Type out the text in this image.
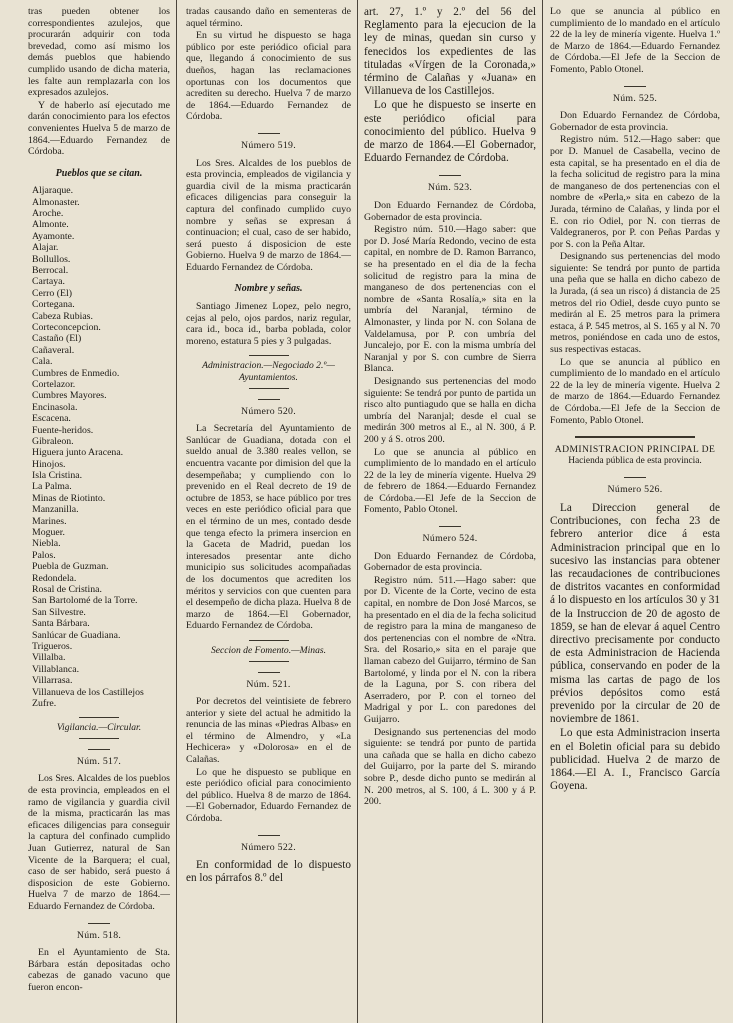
tras pueden obtener los correspondientes azulejos, que procurarán adquirir con toda brevedad, como así mismo los demás pueblos que habiendo cumplido usando de dicha materia, les falte aun remplazarla con los expresados azulejos.

Y de haberlo así ejecutado me darán conocimiento para los efectos convenientes Huelva 5 de marzo de 1864.—Eduardo Fernandez de Córdoba.

Pueblos que se citan.
Aljaraque.
Almonaster.
Aroche.
Almonte.
Ayamonte.
Alajar.
Bollullos.
Berrocal.
Cartaya.
Cerro (El)
Cortegana.
Cabeza Rubias.
Corteconcepcion.
Castaño (El)
Cañaveral.
Cala.
Cumbres de Enmedio.
Cortelazor.
Cumbres Mayores.
Encinasola.
Escacena.
Fuente-heridos.
Gibraleon.
Higuera junto Aracena.
Hinojos.
Isla Cristina.
La Palma.
Minas de Riotinto.
Manzanilla.
Marines.
Moguer.
Niebla.
Palos.
Puebla de Guzman.
Redondela.
Rosal de Cristina.
San Bartolomé de la Torre.
San Silvestre.
Santa Bárbara.
Sanlúcar de Guadiana.
Trigueros.
Villalba.
Villablanca.
Villarrasa.
Villanueva de los Castillejos
Zufre.
Vigilancia.—Circular.
Núm. 517.

Los Sres. Alcaldes de los pueblos de esta provincia, empleados en el ramo de vigilancia y guardia civil de la misma, practicarán las mas eficaces diligencias para conseguir la captura del confinado cumplido Juan Gutierrez, natural de San Vicente de la Barquera; el cual, caso de ser habido, será puesto á disposicion de este Gobierno. Huelva 7 de marzo de 1864.—Eduardo Fernandez de Córdoba.

Núm. 518.

En el Ayuntamiento de Sta. Bárbara están depositadas ocho cabezas de ganado vacuno que fueron encon-

tradas causando daño en sementeras de aquel término.

En su virtud he dispuesto se haga público por este periódico oficial para que, llegando á conocimiento de sus dueños, hagan las reclamaciones oportunas con los documentos que acrediten su derecho. Huelva 7 de marzo de 1864.—Eduardo Fernandez de Córdoba.

Número 519.

Los Sres. Alcaldes de los pueblos de esta provincia, empleados de vigilancia y guardia civil de la misma practicarán eficaces diligencias para conseguir la captura del confinado cumplido cuyo nombre y señas se expresan á continuacion; el cual, caso de ser habido, será puesto á disposicion de este Gobierno. Huelva 9 de marzo de 1864.—Eduardo Fernandez de Córdoba.

Nombre y señas.

Santiago Jimenez Lopez, pelo negro, cejas al pelo, ojos pardos, nariz regular, cara id., boca id., barba poblada, color moreno, estatura 5 pies y 3 pulgadas.

Administracion.—Negociado 2.º—Ayuntamientos.
Número 520.

La Secretaría del Ayuntamiento de Sanlúcar de Guadiana, dotada con el sueldo anual de 3.380 reales vellon, se encuentra vacante por dimision del que la desempeñaba; y cumpliendo con lo prevenido en el Real decreto de 19 de octubre de 1853, se hace público por tres veces en este periódico oficial para que en el término de un mes, contado desde que tenga efecto la primera insercion en la Gaceta de Madrid, puedan los interesados presentar ante dicho municipio sus solicitudes acompañadas de los documentos que acrediten los méritos y servicios con que cuenten para el desempeño de dicha plaza. Huelva 8 de marzo de 1864.—El Gobernador, Eduardo Fernandez de Córdoba.

Seccion de Fomento.—Minas.
Núm. 521.

Por decretos del veintisiete de febrero anterior y siete del actual he admitido la renuncia de las minas «Piedras Albas» en el término de Almendro, y «La Hechicera» y «Dolorosa» en el de Calañas.

Lo que he dispuesto se publique en este periódico oficial para conocimiento del público. Huelva 8 de marzo de 1864.—El Gobernador, Eduardo Fernandez de Córdoba.

Número 522.

En conformidad de lo dispuesto en los párrafos 8.º del

art. 27, 1.º y 2.º del 56 del Reglamento para la ejecucion de la ley de minas, quedan sin curso y fenecidos los expedientes de las tituladas «Vírgen de la Coronada,» término de Calañas y «Juana» en Villanueva de los Castillejos.

Lo que he dispuesto se inserte en este periódico oficial para conocimiento del público. Huelva 9 de marzo de 1864.—El Gobernador, Eduardo Fernandez de Córdoba.

Núm. 523.

Don Eduardo Fernandez de Córdoba, Gobernador de esta provincia.

Registro núm. 510.—Hago saber: que por D. José María Redondo, vecino de esta capital, en nombre de D. Ramon Barranco, se ha presentado en el dia de la fecha solicitud de registro para la mina de manganeso de dos pertenencias con el nombre de «Santa Rosalía,» sita en la umbría del Naranjal, término de Almonaster, y linda por N. con Solana de Valdelamusa, por P. con umbría del Juncalejo, por E. con la misma umbría del Naranjal y por S. con cumbre de Sierra Blanca.

Designando sus pertenencias del modo siguiente: Se tendrá por punto de partida un risco alto puntiagudo que se halla en dicha umbría del Naranjal; desde el cual se medirán 300 metros al E., al N. 300, á P. 200 y á S. otros 200.

Lo que se anuncia al público en cumplimiento de lo mandado en el artículo 22 de la ley de minería vigente. Huelva 29 de febrero de 1864.—Eduardo Fernandez de Córdoba.—El Jefe de la Seccion de Fomento, Pablo Otonel.

Número 524.

Don Eduardo Fernandez de Córdoba, Gobernador de esta provincia.

Registro núm. 511.—Hago saber: que por D. Vicente de la Corte, vecino de esta capital, en nombre de Don José Marcos, se ha presentado en el dia de la fecha solicitud de registro para la mina de manganeso de dos pertenencias con el nombre de «Ntra. Sra. del Rosario,» sita en el paraje que llaman cabezo del Guijarro, término de San Bartolomé, y linda por el N. con la ribera de la Laguna, por S. con ribera del Aserradero, por P. con el torneo del Madrigal y por L. con paredones del Guijarro.

Designando sus pertenencias del modo siguiente: se tendrá por punto de partida una cañada que se halla en dicho cabezo del Guijarro, por la parte del S. mirando sobre P., desde dicho punto se medirán al N. 200 metros, al S. 100, á L. 300 y á P. 200.

Lo que se anuncia al público en cumplimiento de lo mandado en el artículo 22 de la ley de minería vigente. Huelva 1.º de Marzo de 1864.—Eduardo Fernandez de Córdoba.—El Jefe de la Seccion de Fomento, Pablo Otonel.

Núm. 525.

Don Eduardo Fernandez de Córdoba, Gobernador de esta provincia.

Registro núm. 512.—Hago saber: que por D. Manuel de Casabella, vecino de esta capital, se ha presentado en el dia de la fecha solicitud de registro para la mina de manganeso de dos pertenencias con el nombre de «Perla,» sita en cabezo de la Jurada, término de Calañas, y linda por el E. con rio Odiel, por N. con tierras de Valdegraneros, por P. con Peñas Pardas y por S. con la Peña Altar.

Designando sus pertenencias del modo siguiente: Se tendrá por punto de partida una peña que se halla en dicho cabezo de la Jurada, (á sea un risco) á distancia de 25 metros del rio Odiel, desde cuyo punto se medirán al E. 25 metros para la primera estaca, á P. 545 metros, al S. 165 y al N. 70 metros, poniéndose en cada uno de estos, sus respectivas estacas.

Lo que se anuncia al público en cumplimiento de lo mandado en el artículo 22 de la ley de minería vigente. Huelva 2 de marzo de 1864.—Eduardo Fernandez de Córdoba.—El Jefe de la Seccion de Fomento, Pablo Otonel.

ADMINISTRACION PRINCIPAL DE
Hacienda pública de esta provincia.
Número 526.

La Direccion general de Contribuciones, con fecha 23 de febrero anterior dice á esta Administracion principal que en lo sucesivo las instancias para obtener las recaudaciones de contribuciones de distritos vacantes en conformidad á lo dispuesto en los artículos 30 y 31 de la Instruccion de 20 de agosto de 1859, se han de elevar á aquel Centro directivo precisamente por conducto de esta Administracion de Hacienda pública, conservando en poder de la misma las cartas de pago de los prévios depósitos como está prevenido por la circular de 20 de noviembre de 1861.

Lo que esta Administracion inserta en el Boletin oficial para su debido publicidad. Huelva 2 de marzo de 1864.—El A. I., Francisco García Goyena.
